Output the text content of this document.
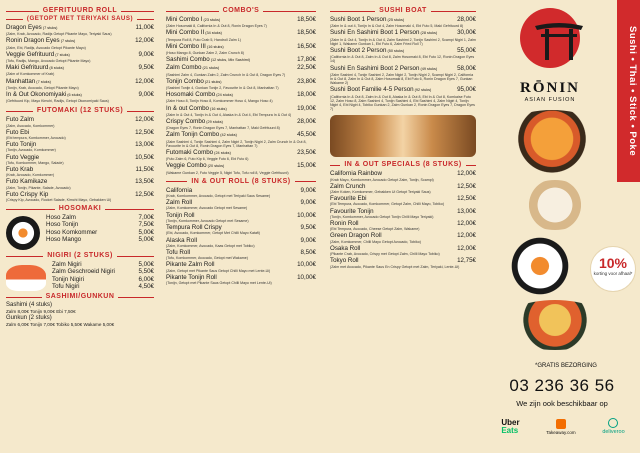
GEFRITUURD ROLL
(GETOPT MET TERIYAKI SAUS)
Dragon Eyes (7 stuks)	11,00€
(Zalm, Krab, Avocado, Radijs Getopt Pikante Mayo, Teriyaki Saus)
Ronin Dragon Eyes (7 stuks)	12,00€
(Zalm, Ebi, Radijs, Avocado Getopt Pikante Mayo)
Veggie Gefrituurd (7 stuks)	9,00€
(Tofu, Radijs, Mango, Avocado Getopt Pikante Mayo)
Maki Gefrituurd (8 stuks)	9,50€
(Zalm of Komkommer of Krab)
Manhattan (7 stuks)	12,00€
(Tonijn, Krab, Avocado, Getopt Pikante Mayo)
In & Out Okonomiyaki (6 stuks)	9,00€
(Gefrituurd Kip, Mayo Kimchi, Radijs, Getopt Okonomiyaki Saus)
FUTOMAKI (12 STUKS)
Futo Zalm	12,00€
(Zalm, Avocado, Komkommer)
Futo Ebi	12,50€
(Ebi tempura, Komkommer, Avocado)
Futo Tonijn	13,00€
(Tonijn, Avocado, Komkommer)
Futo Veggie	10,50€
(Tofu, Komkommer, Mango, Salade)
Futo Krab	11,50€
(Krab, Avocado, Komkommer)
Futo Kamikaze	13,50€
(Zalm, Tonijn, Pikante, Salade, Avocado)
Futo Crispy Kip	12,50€
(Crispy Kip, Avocado, Rocket Salade, Kimchi Mayo, Gebakken Ui)
HOSOMAKI
Hoso Zalm	7,00€
Hoso Tonijn	7,50€
Hoso Komkommer	5,00€
Hoso Mango	5,00€
NIGIRI (2 STUKS)
Zalm Nigiri	5,00€
Zalm Geschroeid Nigiri	5,50€
Tonijn Nigiri	6,00€
Tofu Nigiri	4,50€
SASHIMI/GUNKUN
Sashimi (4 stuks)
Zalm 8,00€ Tonijn 9,00€ Ebi 7,50€
Gunkun (2 stuks)
Zalm 6,00€ Tonijn 7,00€ Tobiko 5,50€ Wakame 5,00€
COMBO'S
Mini Combo I (23 stuks)	18,50€
(Zalm Hosomaki 8, California In & Out 8, Ronin Dragon Eyes 7)
Mini Combo II (34 stuks)	18,50€
(Tempura Roll 8, Futo Crab 5, Handroll Zalm 1)
Mini Combo III (16 stuks)	16,50€
(Hoso Mango 8, Gunkan Zalm 2, Zalm Crunch 8)
Sashimi Combo (12 stuks, Mix Sashimi)	17,80€
Zalm Combo (21 stuks)	22,50€
(Sashimi Zalm 4, Gunkan Zalm 2, Zalm Crunch In & Out 8, Dragon Eyes 7)
Tonijn Combo (21 stuks)	23,80€
(Sashimi Tonijn 4, Gunkan Tonijn 2, Favourite In & Out 8, Manhattan 7)
Hosomaki Combo (24 stuks)	18,00€
(Zalm Hoso 8, Tonijn Hoso 8, Komkommer Hoso 4, Mango Hoso 4)
In & out Combo (16 stuks)	19,00€
(Zalm In & Out 4, Tonijn In & Out 4, Alaska In & Out 4, Ebi Tempura In & Out 4)
Crispy Combo (29 stuks)	28,00€
(Dragon Eyes 7, Ronin Dragon Eyes 7, Manhattan 7, Maki Gefrituurd 8)
Zalm Tonijn Combo (42 stuks)	45,50€
(Zalm Sashimi 4, Tonijn Sashimi 4, Zalm Nigiri 2, Tonijn Nigiri 2, Zalm Crunch In & Out 8, Favourite In & Out 8, Ronin Dragon Eyes 7, Manhattan 7)
Futomaki Combo (24 stuks)	23,50€
(Futo Zalm 6, Futo Kip 6, Veggie Futo 6, Ebi Futo 6)
Veggie Combo (20 stuks)	15,00€
(Wakame Gunkan 2, Futo Veggie 5, Nigiri Tofu, Tofu roll 8, Veggie Gefrituurd)
IN & OUT ROLL (8 STUKS)
California	9,00€
(Krab, Komkommer, Avocado, Getopt met Teriyaki Saus Sesame)
Zalm Roll	9,00€
(Zalm, Komkommer, Avocado Getopt met Sesame)
Tonijn Roll	10,00€
(Tonijn, Komkommer, Avocado Getopt met Sesame)
Tempura Roll Crispy	9,50€
(Ebi, Avocado, Komkommer, Getopt Met Chilli Mayo Katafi)
Alaska Roll	9,00€
(Zalm, Komkommer, Avocado, Kaas Getopt met Tobiko)
Tofu Roll	8,50€
(Tofu, Komkommer, Avocado, Getopt met Wakame)
Pikante Zalm Roll	10,00€
(Zalm, Getopt met Pikante Saus Getopt Chilli Mayo met Lente-Ui)
Pikante Tonijn Roll	10,00€
(Tonijn, Getopt met Pikante Saus Getopt Chilli Mayo met Lente-Ui)
SUSHI BOAT
Sushi Boot 1 Person (25 stuks)	28,00€
(Zalm In & out 4, Tonijn In & Out 4, Zalm Hosomaki 4, Ebi Futo 5, Maki Gefrituurd 8)
Sushi En Sashimi Boot 1 Person (28 stuks)	30,00€
(Zalm In & Out 4, Tonijn In & Out 4, Zalm Sashimi 2, Tonijn Sashimi 2, Scampi Nigiri 1, Zalm Nigiri 1, Wakame Gunkan 1, Ebi Futo 6, Zalm Fried Roll 7)
Sushi Boot 2 Person (50 stuks)	55,00€
(California In & Out 8, Zalm In & Out 8, Zalm Hosomaki 8, Ebi Futo 12, Ronin Dragon Eyes 14)
Sushi En Sashimi Boot 2 Person (49 stuks)	58,00€
(Zalm Sashimi 4, Tonijn Sashimi 2, Zalm Nigiri 2, Tonijn Nigiri 2, Scampi Nigiri 2, California In & Out 8, Zalm In & Out 8, Zalm Hosomaki 8, Ebi Futo 6, Ronin Dragon Eyes 7, Gunkan Wakame 2)
Sushi Boot Familie 4-5 Person (92 stuks)	95,00€
(California In & Out 8, Zalm In & Out 8, Alaska In & Out 8, Ebi In & Out 8, Komkaise Futo 12, Zalm Hoso 8, Zalm Sashimi 4, Tonijn Sashimi 4, Ebi Sashimi 4, Zalm Nigiri 4, Tonijn Nigiri 4, Ebi Nigiri 4, Tobiko Gunkan 2, Zalm Gunkan 2, Ronin Dragon Eyes 7, Dragon Eyes 7)
IN & OUT SPECIALS (8 STUKS)
California Rainbow	12,00€
(Krab Mayo, Komkommer, Avocado Getopt Zalm, Tonijn, Scampi)
Zalm Crunch	12,50€
(Zalm Koken, Komkommer, Gebakken Ui Getopt Teriyaki Saus)
Favourite Ebi	12,50€
(Ebi Tempura, Avocado, Komkommer, Getopt Zalm, Chilli Mayo, Tobiko)
Favourite Tonijn	13,00€
(Tonijn, Komkommer, Avocado Getopt Tonijn Chilli Mayo Teriyaki)
Ronin Roll	12,00€
(Ebi Tempura, Avocado, Cheese Getopt Zalm, Wakame)
Green Dragon Roll	12,00€
(Zalm, Komkommer, Chilli Mayo Getopt Avocado, Tobiko)
Osaka Roll	12,00€
(Pikante Crab, Avocado, Crispy met Getopt Zalm, Chilli Mayo Tobiko)
Tokyo Roll	12,75€
(Zalm met Avocado, Pikante Saus En Crispy Getopt met Zalm, Teriyaki, Lente-Ui)
Sushi • Thai • Stick • Poke
RŌNIN
ASIAN FUSION
10%
korting voor afhaal*
*GRATIS BEZORGING
03 236 36 56
We zijn ook beschikbaar op
Uber
Eats	Takeaway.com	deliveroo
